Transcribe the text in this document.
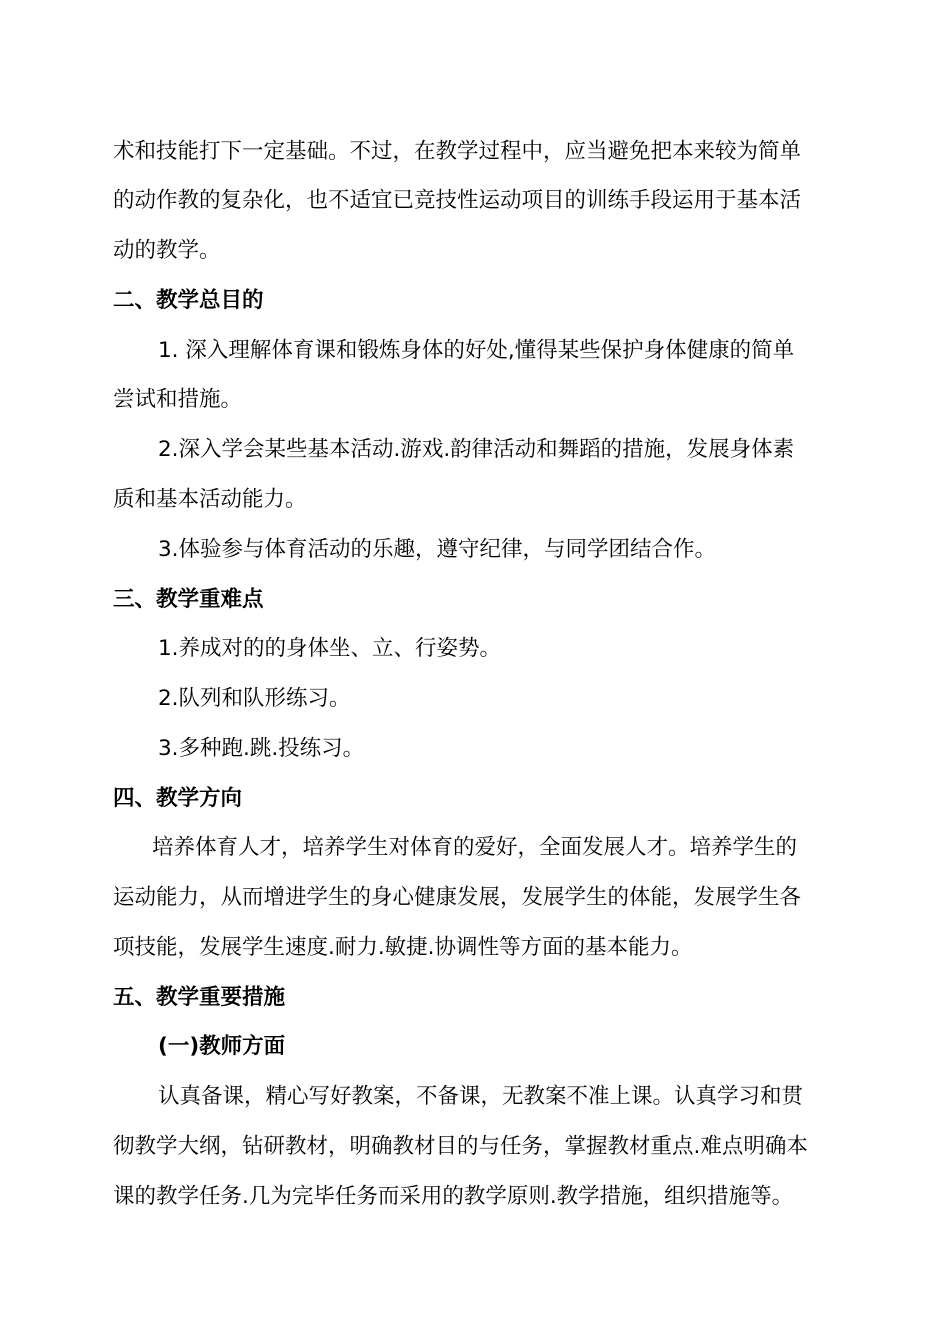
术和技能打下一定基础。不过，在教学过程中，应当避免把本来较为简单
的动作教的复杂化，也不适宜已竞技性运动项目的训练手段运用于基本活
动的教学。
二、教学总目的
1. 深入理解体育课和锻炼身体的好处,懂得某些保护身体健康的简单
尝试和措施。
2.深入学会某些基本活动.游戏.韵律活动和舞蹈的措施，发展身体素
质和基本活动能力。
3.体验参与体育活动的乐趣，遵守纪律，与同学团结合作。
三、教学重难点
1.养成对的的身体坐、立、行姿势。
2.队列和队形练习。
3.多种跑.跳.投练习。
四、教学方向
培养体育人才，培养学生对体育的爱好，全面发展人才。培养学生的
运动能力，从而增进学生的身心健康发展，发展学生的体能，发展学生各
项技能，发展学生速度.耐力.敏捷.协调性等方面的基本能力。
五、教学重要措施
(一)教师方面
认真备课，精心写好教案，不备课，无教案不准上课。认真学习和贯
彻教学大纲，钻研教材，明确教材目的与任务，掌握教材重点.难点明确本
课的教学任务.几为完毕任务而采用的教学原则.教学措施，组织措施等。
